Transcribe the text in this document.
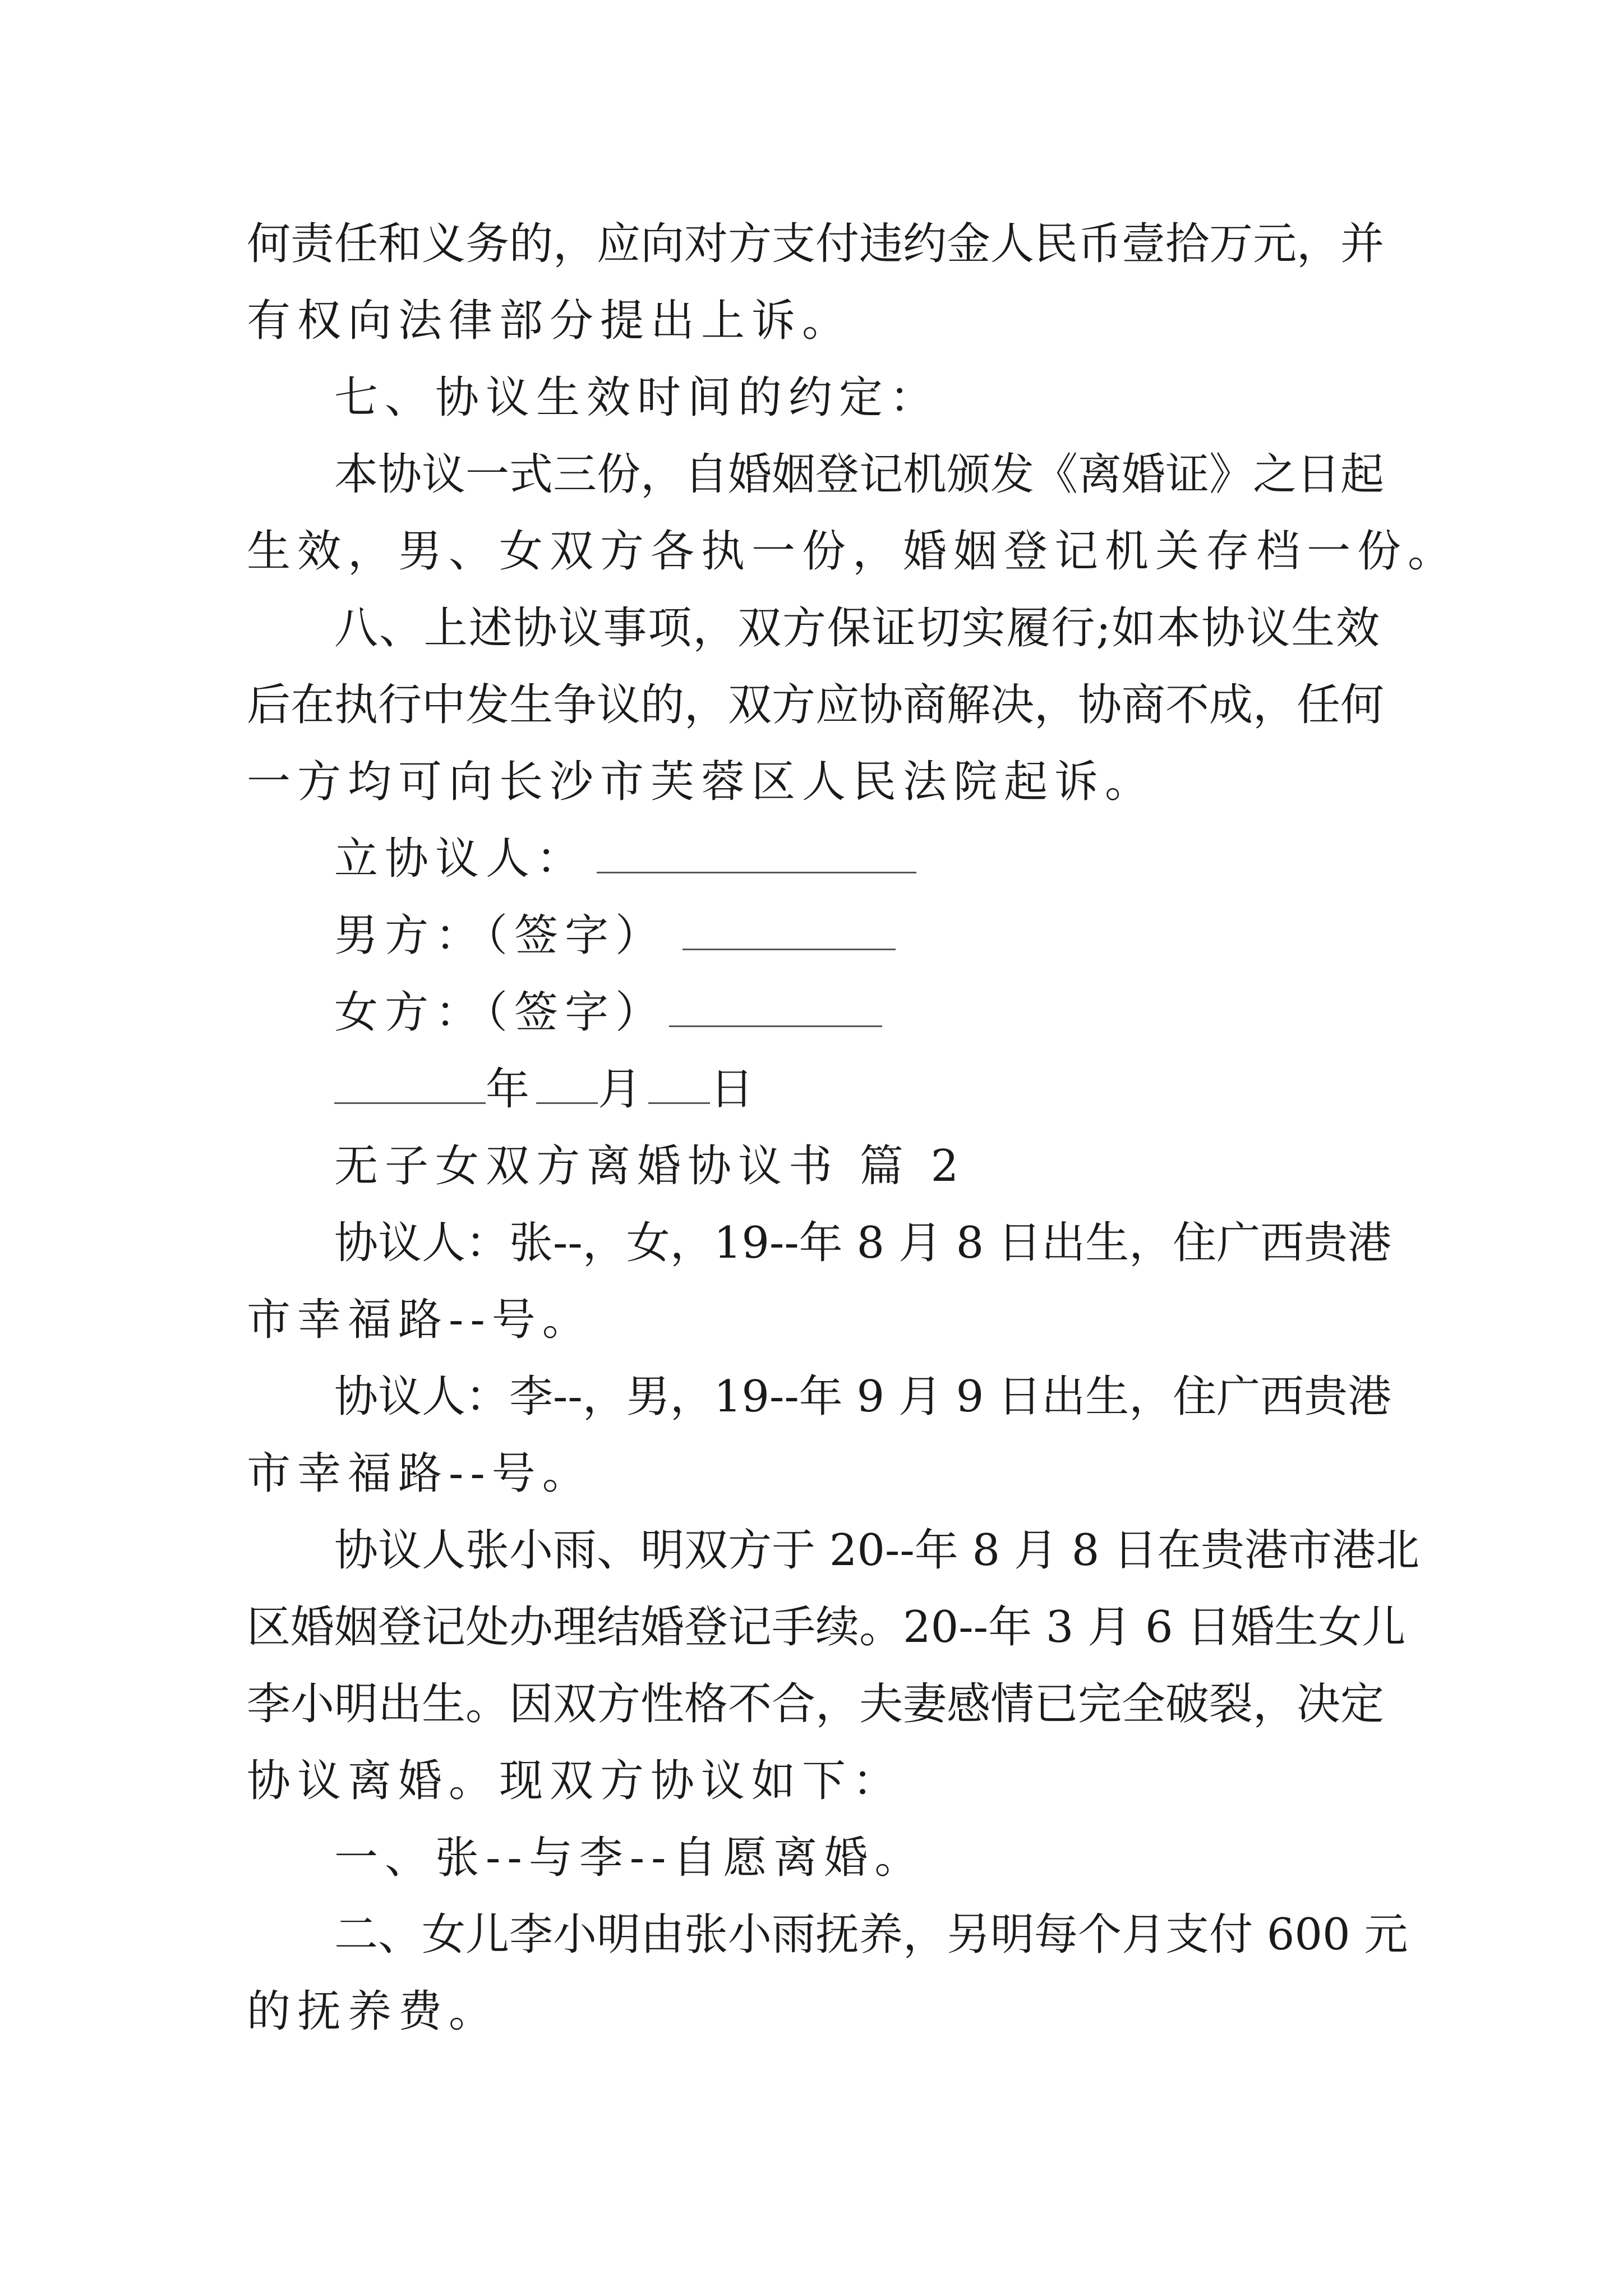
何责任和义务的，应向对方支付违约金人民币壹拾万元，并
有权向法律部分提出上诉。
七、协议生效时间的约定：
本协议一式三份，自婚姻登记机颁发《离婚证》之日起
生效，男、女双方各执一份，婚姻登记机关存档一份。
八、上述协议事项，双方保证切实履行;如本协议生效
后在执行中发生争议的，双方应协商解决，协商不成，任何
一方均可向长沙市芙蓉区人民法院起诉。
立协议人：
男方：（签字）
女方：（签字）
年 月 日
无子女双方离婚协议书 篇 2
协议人：张--，女，19--年 8 月 8 日出生，住广西贵港
市幸福路--号。
协议人：李--，男，19--年 9 月 9 日出生，住广西贵港
市幸福路--号。
协议人张小雨、明双方于 20--年 8 月 8 日在贵港市港北
区婚姻登记处办理结婚登记手续。20--年 3 月 6 日婚生女儿
李小明出生。因双方性格不合，夫妻感情已完全破裂，决定
协议离婚。现双方协议如下：
一、张--与李--自愿离婚。
二、女儿李小明由张小雨抚养，另明每个月支付 600 元
的抚养费。
